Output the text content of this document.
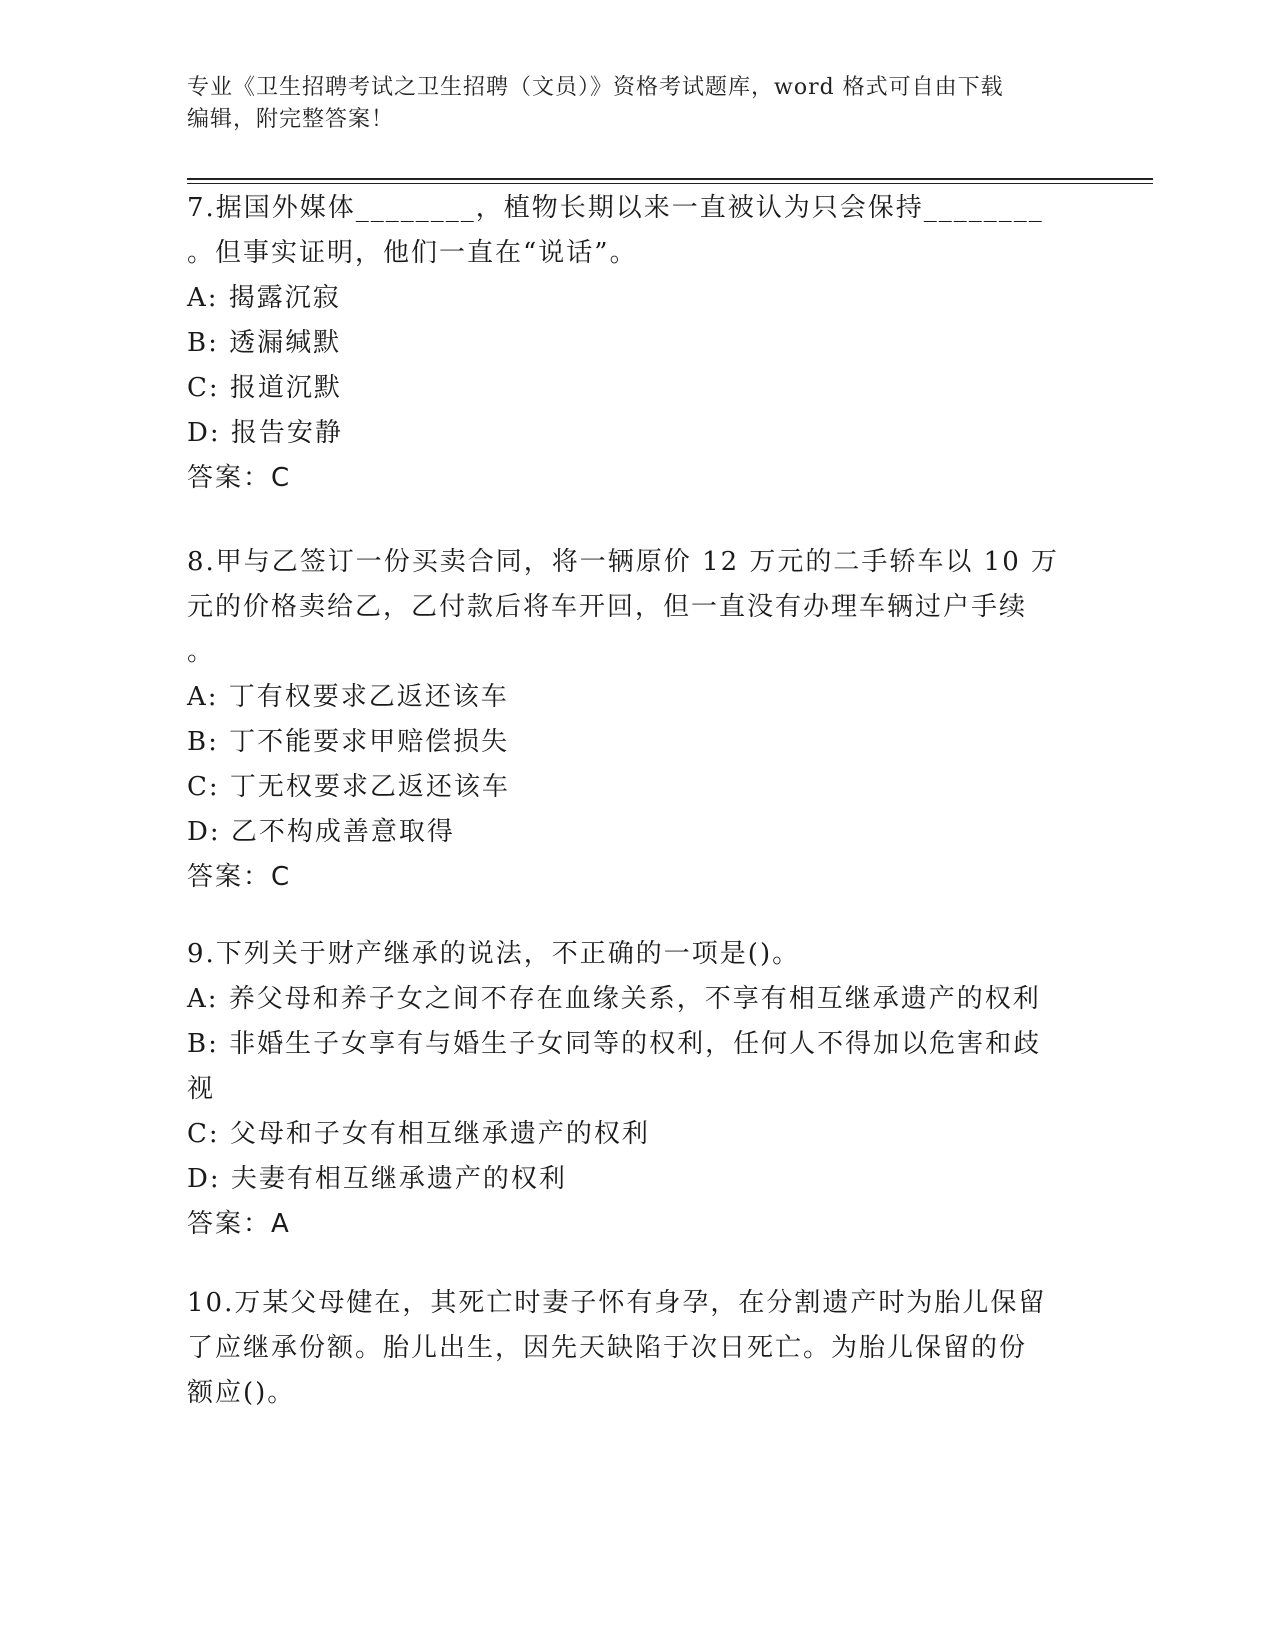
专业《卫生招聘考试之卫生招聘（文员）》资格考试题库，word 格式可自由下载

编辑，附完整答案！

7.据国外媒体________，植物长期以来一直被认为只会保持________
。但事实证明，他们一直在“说话”。
A: 揭露沉寂
B: 透漏缄默
C: 报道沉默
D: 报告安静
答案：C
8.甲与乙签订一份买卖合同，将一辆原价 12 万元的二手轿车以 10 万
元的价格卖给乙，乙付款后将车开回，但一直没有办理车辆过户手续
。
A: 丁有权要求乙返还该车
B: 丁不能要求甲赔偿损失
C: 丁无权要求乙返还该车
D: 乙不构成善意取得
答案：C
9.下列关于财产继承的说法，不正确的一项是()。
A: 养父母和养子女之间不存在血缘关系，不享有相互继承遗产的权利
B: 非婚生子女享有与婚生子女同等的权利，任何人不得加以危害和歧
视
C: 父母和子女有相互继承遗产的权利
D: 夫妻有相互继承遗产的权利
答案：A
10.万某父母健在，其死亡时妻子怀有身孕，在分割遗产时为胎儿保留
了应继承份额。胎儿出生，因先天缺陷于次日死亡。为胎儿保留的份
额应()。
